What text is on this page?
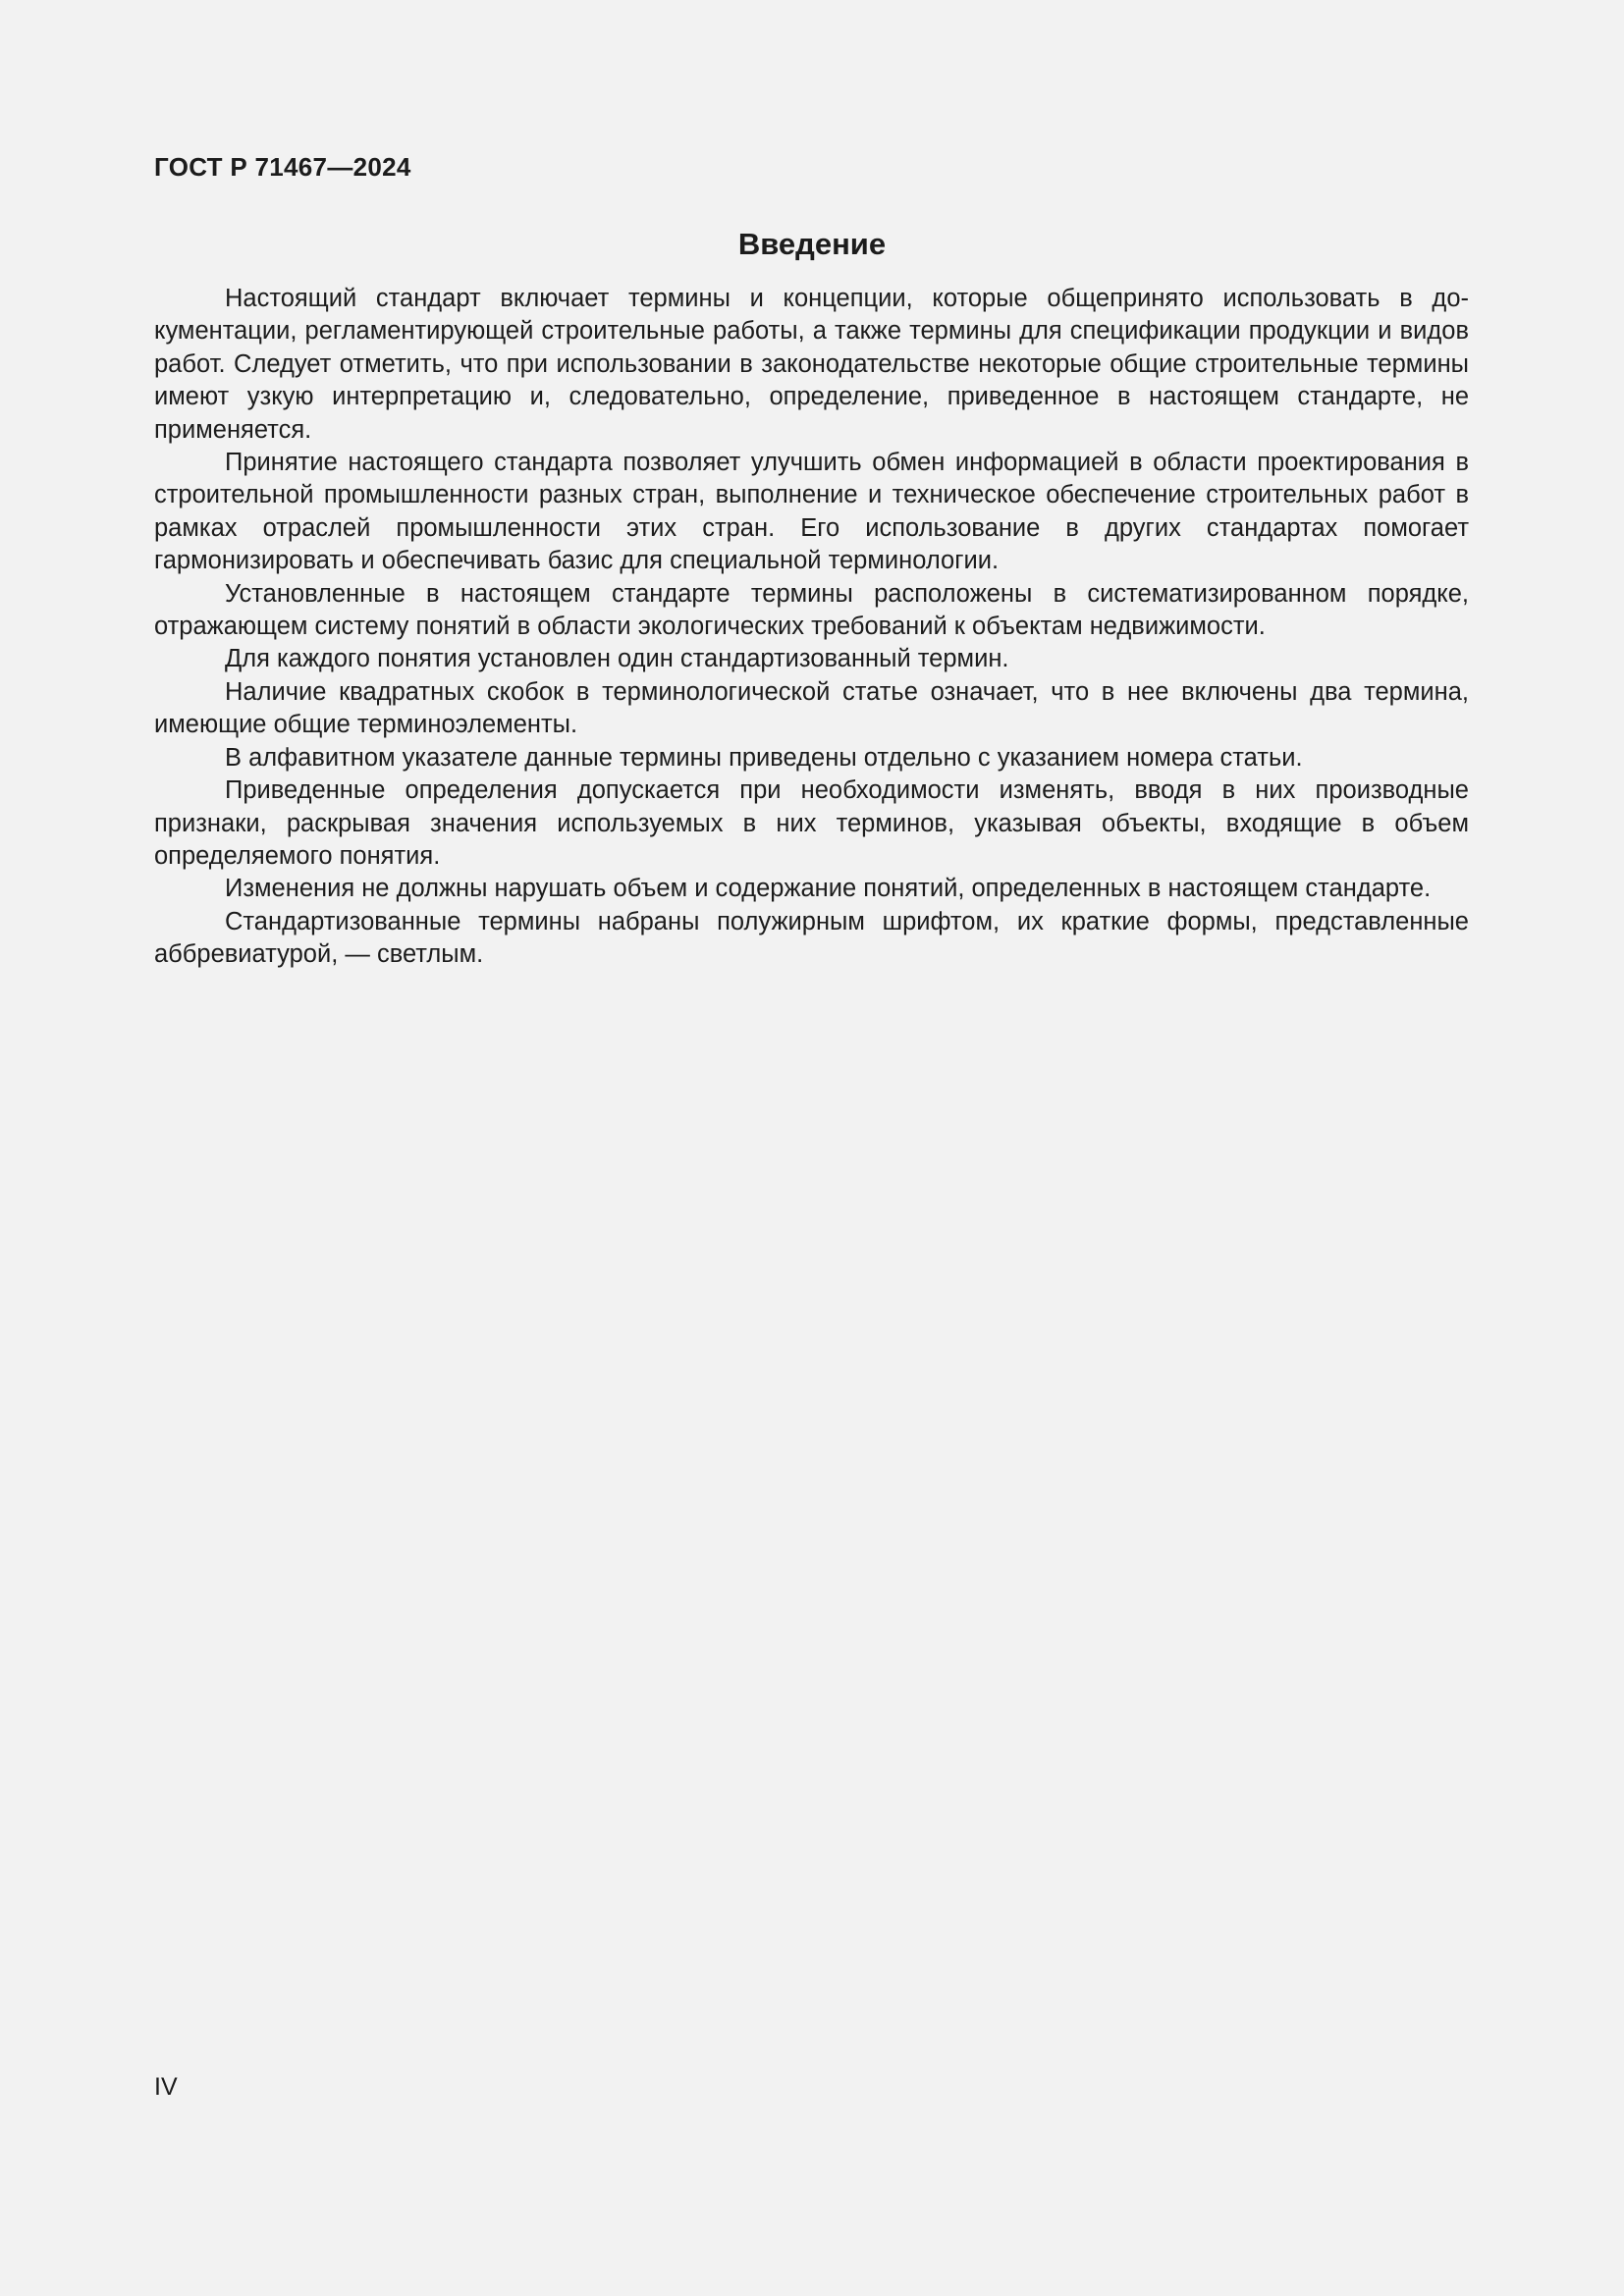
ГОСТ Р 71467—2024
Введение

Настоящий стандарт включает термины и концепции, которые общепринято использовать в документации, регламентирующей строительные работы, а также термины для спецификации продукции и видов работ. Следует отметить, что при использовании в законодательстве некоторые общие строительные термины имеют узкую интерпретацию и, следовательно, определение, приведенное в настоящем стандарте, не применяется.

Принятие настоящего стандарта позволяет улучшить обмен информацией в области проектирования в строительной промышленности разных стран, выполнение и техническое обеспечение строительных работ в рамках отраслей промышленности этих стран. Его использование в других стандартах помогает гармонизировать и обеспечивать базис для специальной терминологии.

Установленные в настоящем стандарте термины расположены в систематизированном порядке, отражающем систему понятий в области экологических требований к объектам недвижимости.

Для каждого понятия установлен один стандартизованный термин.

Наличие квадратных скобок в терминологической статье означает, что в нее включены два термина, имеющие общие терминоэлементы.

В алфавитном указателе данные термины приведены отдельно с указанием номера статьи.

Приведенные определения допускается при необходимости изменять, вводя в них производные признаки, раскрывая значения используемых в них терминов, указывая объекты, входящие в объем определяемого понятия.

Изменения не должны нарушать объем и содержание понятий, определенных в настоящем стандарте.

Стандартизованные термины набраны полужирным шрифтом, их краткие формы, представленные аббревиатурой, — светлым.

IV
